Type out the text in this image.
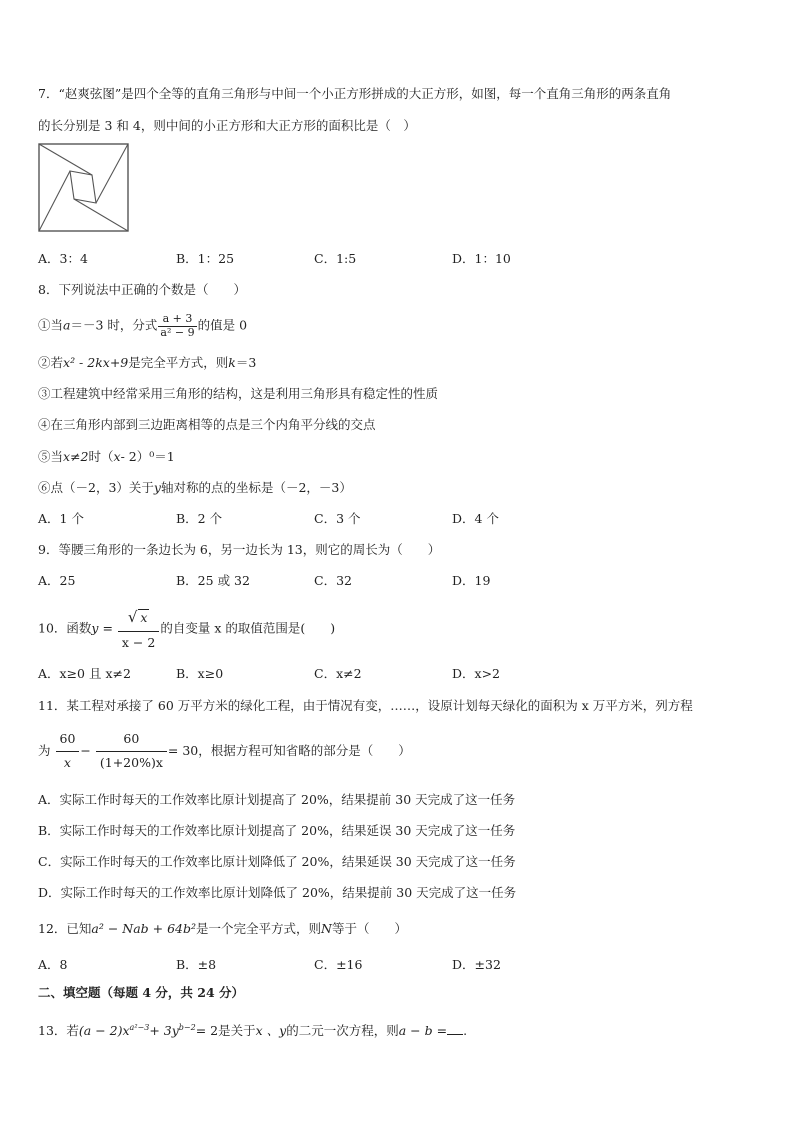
7．“赵爽弦图”是四个全等的直角三角形与中间一个小正方形拼成的大正方形，如图，每一个直角三角形的两条直角
的长分别是 3 和 4，则中间的小正方形和大正方形的面积比是（　）
A．3：4	B．1：25	C．1:5	D．1：10
8．下列说法中正确的个数是（　　）
①当a＝－3 时，分式 $\frac{a + 3}{\text{a² − 9}}$ 的值是 0
②若x² - 2kx+9是完全平方式，则k＝3
③工程建筑中经常采用三角形的结构，这是利用三角形具有稳定性的性质
④在三角形内部到三边距离相等的点是三个内角平分线的交点
⑤当x≠2时（x- 2）⁰＝1
⑥点（－2，3）关于y轴对称的点的坐标是（－2，－3）
A．1 个	B．2 个	C．3 个	D．4 个
9．等腰三角形的一条边长为 6，另一边长为 13，则它的周长为（　　）
A．25	B．25 或 32	C．32	D．19
10．函数$y = \frac{√ x}{x - 2}$ 的自变量 x 的取值范围是(　　)
A．x≥0 且 x≠2	B．x≥0	C．x≠2	D．x>2
11．某工程对承接了 60 万平方米的绿化工程，由于情况有变，……，设原计划每天绿化的面积为 x 万平方米，列方程
为 $\frac{60}{x} - \frac{60}{(1+20\%)x} = 30$，根据方程可知省略的部分是（　　）
A．实际工作时每天的工作效率比原计划提高了 20%，结果提前 30 天完成了这一任务
B．实际工作时每天的工作效率比原计划提高了 20%，结果延误 30 天完成了这一任务
C．实际工作时每天的工作效率比原计划降低了 20%，结果延误 30 天完成了这一任务
D．实际工作时每天的工作效率比原计划降低了 20%，结果提前 30 天完成了这一任务
12．已知a² − Nab + 64b²是一个完全平方式，则N等于（　　）
A．8	B．±8	C．±16	D．±32
二、填空题（每题 4 分，共 24 分）
13．若$(a - 2)x^{a^2-3}+ 3y^{b-2}= 2$是关于x 、y的二元一次方程，则a − b = .
